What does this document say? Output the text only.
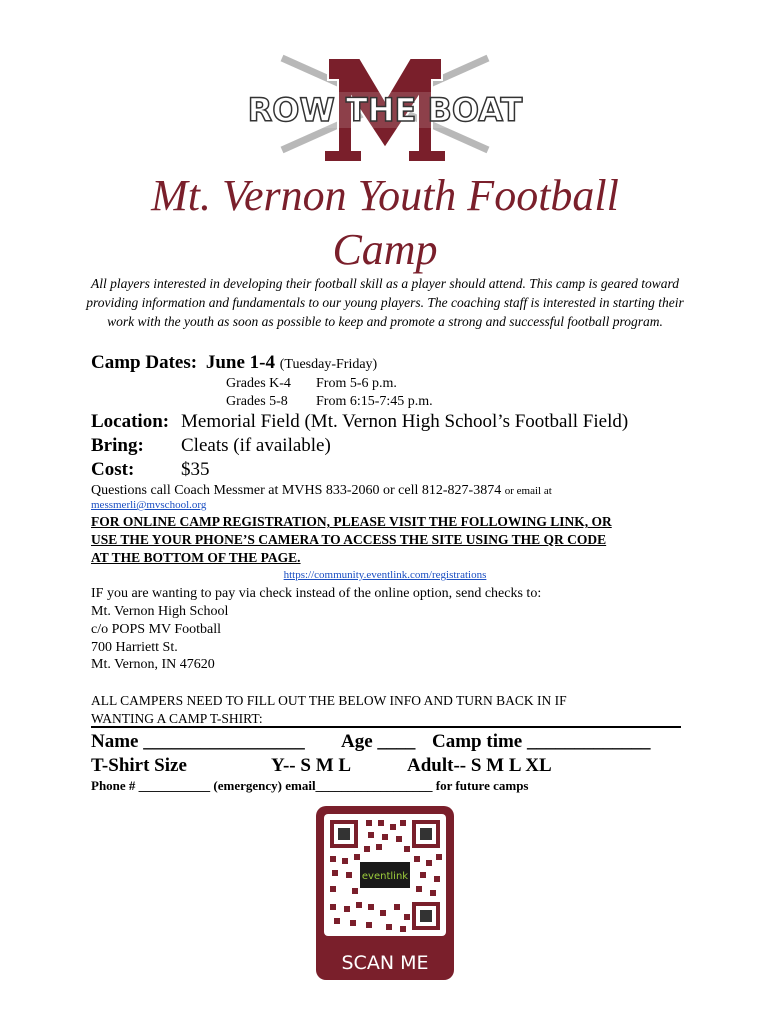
ROW THE BOAT
Mt. Vernon Youth Football
Camp
All players interested in developing their football skill as a player should attend. This camp is geared toward providing information and fundamentals to our young players. The coaching staff is interested in starting their work with the youth as soon as possible to keep and promote a strong and successful football program.
Camp Dates: June 1-4 (Tuesday-Friday)
Grades K-4 From 5-6 p.m.
Grades 5-8 From 6:15-7:45 p.m.
Location: Memorial Field (Mt. Vernon High School’s Football Field)
Bring: Cleats (if available)
Cost: $35
Questions call Coach Messmer at MVHS 833-2060 or cell 812-827-3874 or email at
messmerli@mvschool.org
FOR ONLINE CAMP REGISTRATION, PLEASE VISIT THE FOLLOWING LINK, OR
USE THE YOUR PHONE’S CAMERA TO ACCESS THE SITE USING THE QR CODE
AT THE BOTTOM OF THE PAGE.
https://community.eventlink.com/registrations
IF you are wanting to pay via check instead of the online option, send checks to:
Mt. Vernon High School
c/o POPS MV Football
700 Harriett St.
Mt. Vernon, IN 47620
ALL CAMPERS NEED TO FILL OUT THE BELOW INFO AND TURN BACK IN IF
WANTING A CAMP T-SHIRT:
Name _________________ Age ____ Camp time _____________
T-Shirt Size	Y-- S M L	Adult-- S M L XL
Phone # ___________ (emergency) email__________________ for future camps
eventlink
SCAN ME
